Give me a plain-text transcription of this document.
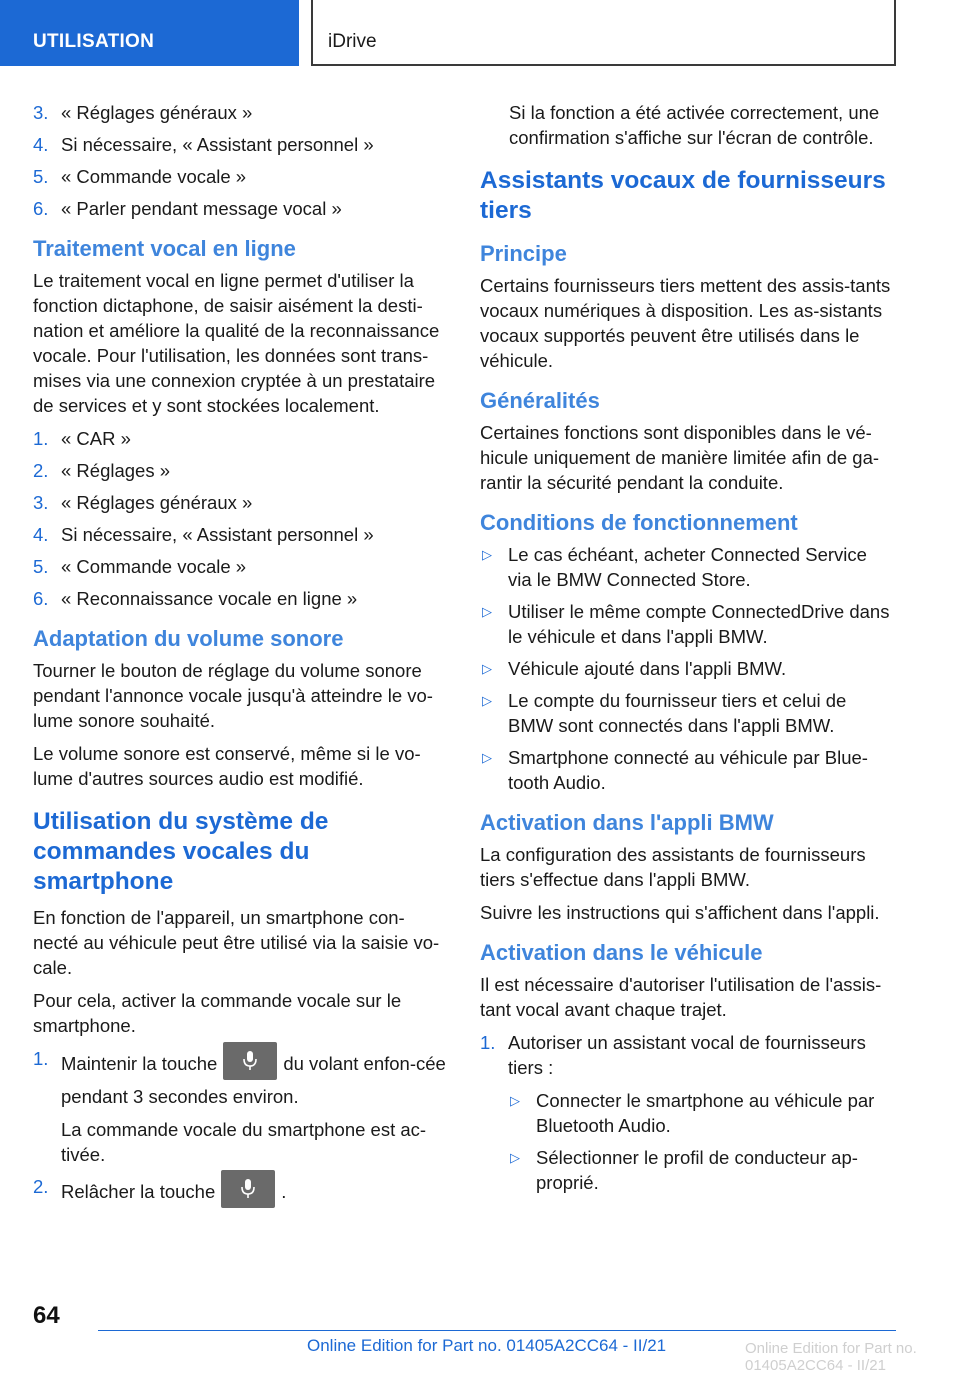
UTILISATION	iDrive
3. « Réglages généraux »
4. Si nécessaire, « Assistant personnel »
5. « Commande vocale »
6. « Parler pendant message vocal »
Traitement vocal en ligne

Le traitement vocal en ligne permet d'utiliser la fonction dictaphone, de saisir aisément la desti-nation et améliore la qualité de la reconnaissance vocale. Pour l'utilisation, les données sont trans-mises via une connexion cryptée à un prestataire de services et y sont stockées localement.

1. « CAR »
2. « Réglages »
3. « Réglages généraux »
4. Si nécessaire, « Assistant personnel »
5. « Commande vocale »
6. « Reconnaissance vocale en ligne »
Adaptation du volume sonore

Tourner le bouton de réglage du volume sonore pendant l'annonce vocale jusqu'à atteindre le vo-lume sonore souhaité.

Le volume sonore est conservé, même si le vo-lume d'autres sources audio est modifié.

Utilisation du système de commandes vocales du smartphone

En fonction de l'appareil, un smartphone con-necté au véhicule peut être utilisé via la saisie vo-cale.

Pour cela, activer la commande vocale sur le smartphone.

1. Maintenir la touche	du volant enfon-cée pendant 3 secondes environ.
La commande vocale du smartphone est ac-tivée.
2. Relâcher la touche	.

Si la fonction a été activée correctement, une confirmation s'affiche sur l'écran de contrôle.

Assistants vocaux de fournisseurs tiers
Principe

Certains fournisseurs tiers mettent des assis-tants vocaux numériques à disposition. Les as-sistants vocaux supportés peuvent être utilisés dans le véhicule.

Généralités

Certaines fonctions sont disponibles dans le vé-hicule uniquement de manière limitée afin de ga-rantir la sécurité pendant la conduite.

Conditions de fonctionnement
▷ Le cas échéant, acheter Connected Service via le BMW Connected Store.
▷ Utiliser le même compte ConnectedDrive dans le véhicule et dans l'appli BMW.
▷ Véhicule ajouté dans l'appli BMW.
▷ Le compte du fournisseur tiers et celui de BMW sont connectés dans l'appli BMW.
▷ Smartphone connecté au véhicule par Blue-tooth Audio.
Activation dans l'appli BMW

La configuration des assistants de fournisseurs tiers s'effectue dans l'appli BMW.

Suivre les instructions qui s'affichent dans l'appli.

Activation dans le véhicule

Il est nécessaire d'autoriser l'utilisation de l'assis-tant vocal avant chaque trajet.

1. Autoriser un assistant vocal de fournisseurs tiers :
▷ Connecter le smartphone au véhicule par Bluetooth Audio.
▷ Sélectionner le profil de conducteur ap-proprié.
64
Online Edition for Part no. 01405A2CC64 - II/21	Online Edition for Part no. 01405A2CC64 - II/21
